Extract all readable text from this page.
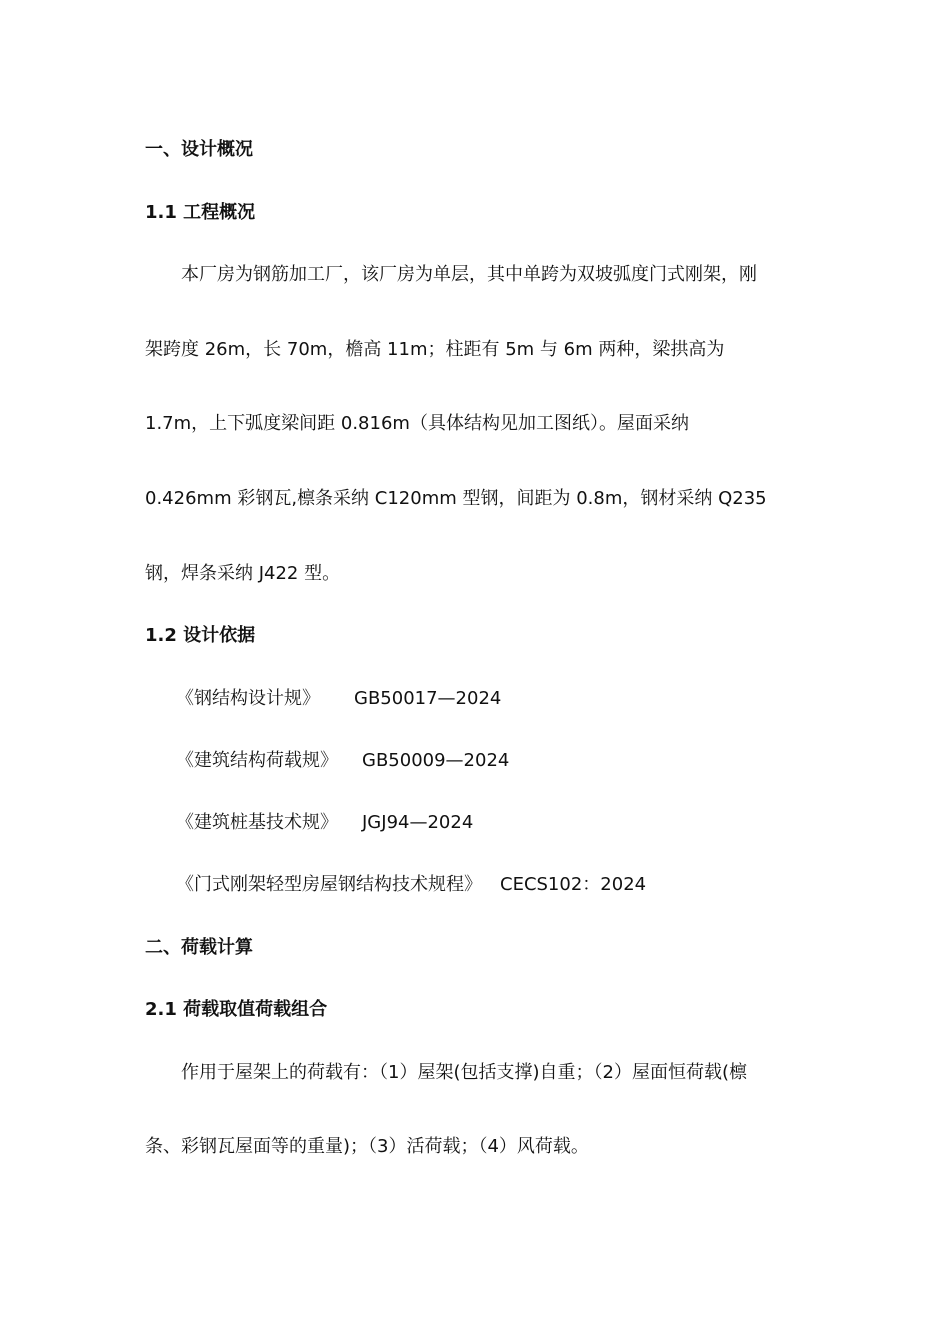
一、设计概况
1.1 工程概况
本厂房为钢筋加工厂，该厂房为单层，其中单跨为双坡弧度门式刚架，刚
架跨度 26m，长 70m，檐高 11m；柱距有 5m 与 6m 两种，梁拱高为
1.7m，上下弧度梁间距 0.816m（具体结构见加工图纸）。屋面采纳
0.426mm 彩钢瓦,檩条采纳 C120mm 型钢，间距为 0.8m，钢材采纳 Q235
钢，焊条采纳 J422 型。
1.2 设计依据
《钢结构设计规》 GB50017—2024
《建筑结构荷载规》 GB50009—2024
《建筑桩基技术规》 JGJ94—2024
《门式刚架轻型房屋钢结构技术规程》 CECS102：2024
二、荷载计算
2.1 荷载取值荷载组合
作用于屋架上的荷载有：（1）屋架(包括支撑)自重；（2）屋面恒荷载(檩
条、彩钢瓦屋面等的重量)；（3）活荷载；（4）风荷载。
